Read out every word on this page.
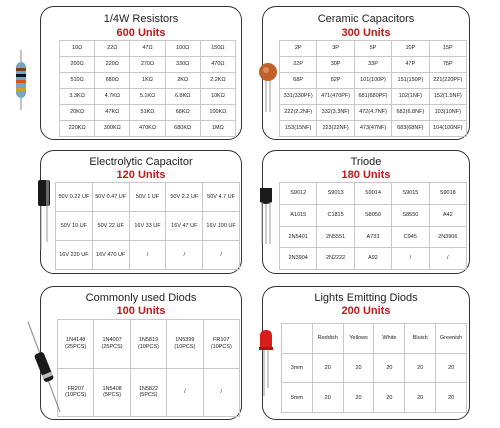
1/4W Resistors
600 Units
10Ω	22Ω	47Ω	100Ω	150Ω
200Ω	220Ω	270Ω	330Ω	470Ω
510Ω	680Ω	1KΩ	2KΩ	2.2KΩ
3.3KΩ	4.7KΩ	5.1KΩ	6.8KΩ	10KΩ
20KΩ	47KΩ	51KΩ	68KΩ	100KΩ
220KΩ	300KΩ	470KΩ	680KΩ	1MΩ
Ceramic Capacitors
300 Units
2P	3P	5P	10P	15P
22P	30P	33P	47P	75P
68P	82P	101(100P)	151(150P)	221(220PF)
331(330PF)	471(470PF)	681(680PF)	102(1NF)	152(1.5NF)
222(2.2NF)	332(3.3NF)	472(4.7NF)	682(6.8NF)	103(10NF)
153(15NF)	223(22NF)	473(47NF)	683(68NF)	104(100NF)
Electrolytic Capacitor
120 Units
50V 0.22 UF	50V 0.47 UF	50V 1 UF	50V 2.2 UF	50V 4.7 UF
50V 10 UF	50V 22 UF	16V 33 UF	16V 47 UF	16V 100 UF
16V 220 UF	16V 470 UF	/	/	/
Triode
180 Units
S9012	S9013	S9014	S9015	S9018
A1015	C1815	S8050	S8550	A42
2N5401	2N5551	A733	C945	2N3906
2N3904	2N2222	A92	/	/
Commonly used Diods
100 Units
1N4148
(25PCS)	1N4007
(25PCS)	1N5819
(10PCS)	1N5399
(10PCS)	FR107
(10PCS)
FR207
(10PCS)	1N5408
(5PCS)	1N5822
(5PCS)	/	/
Lights Emitting Diods
200 Units
	Reddish	Yellows	White	Bluish	Greenish
3mm	20	20	20	20	20
5mm	20	20	20	20	20
